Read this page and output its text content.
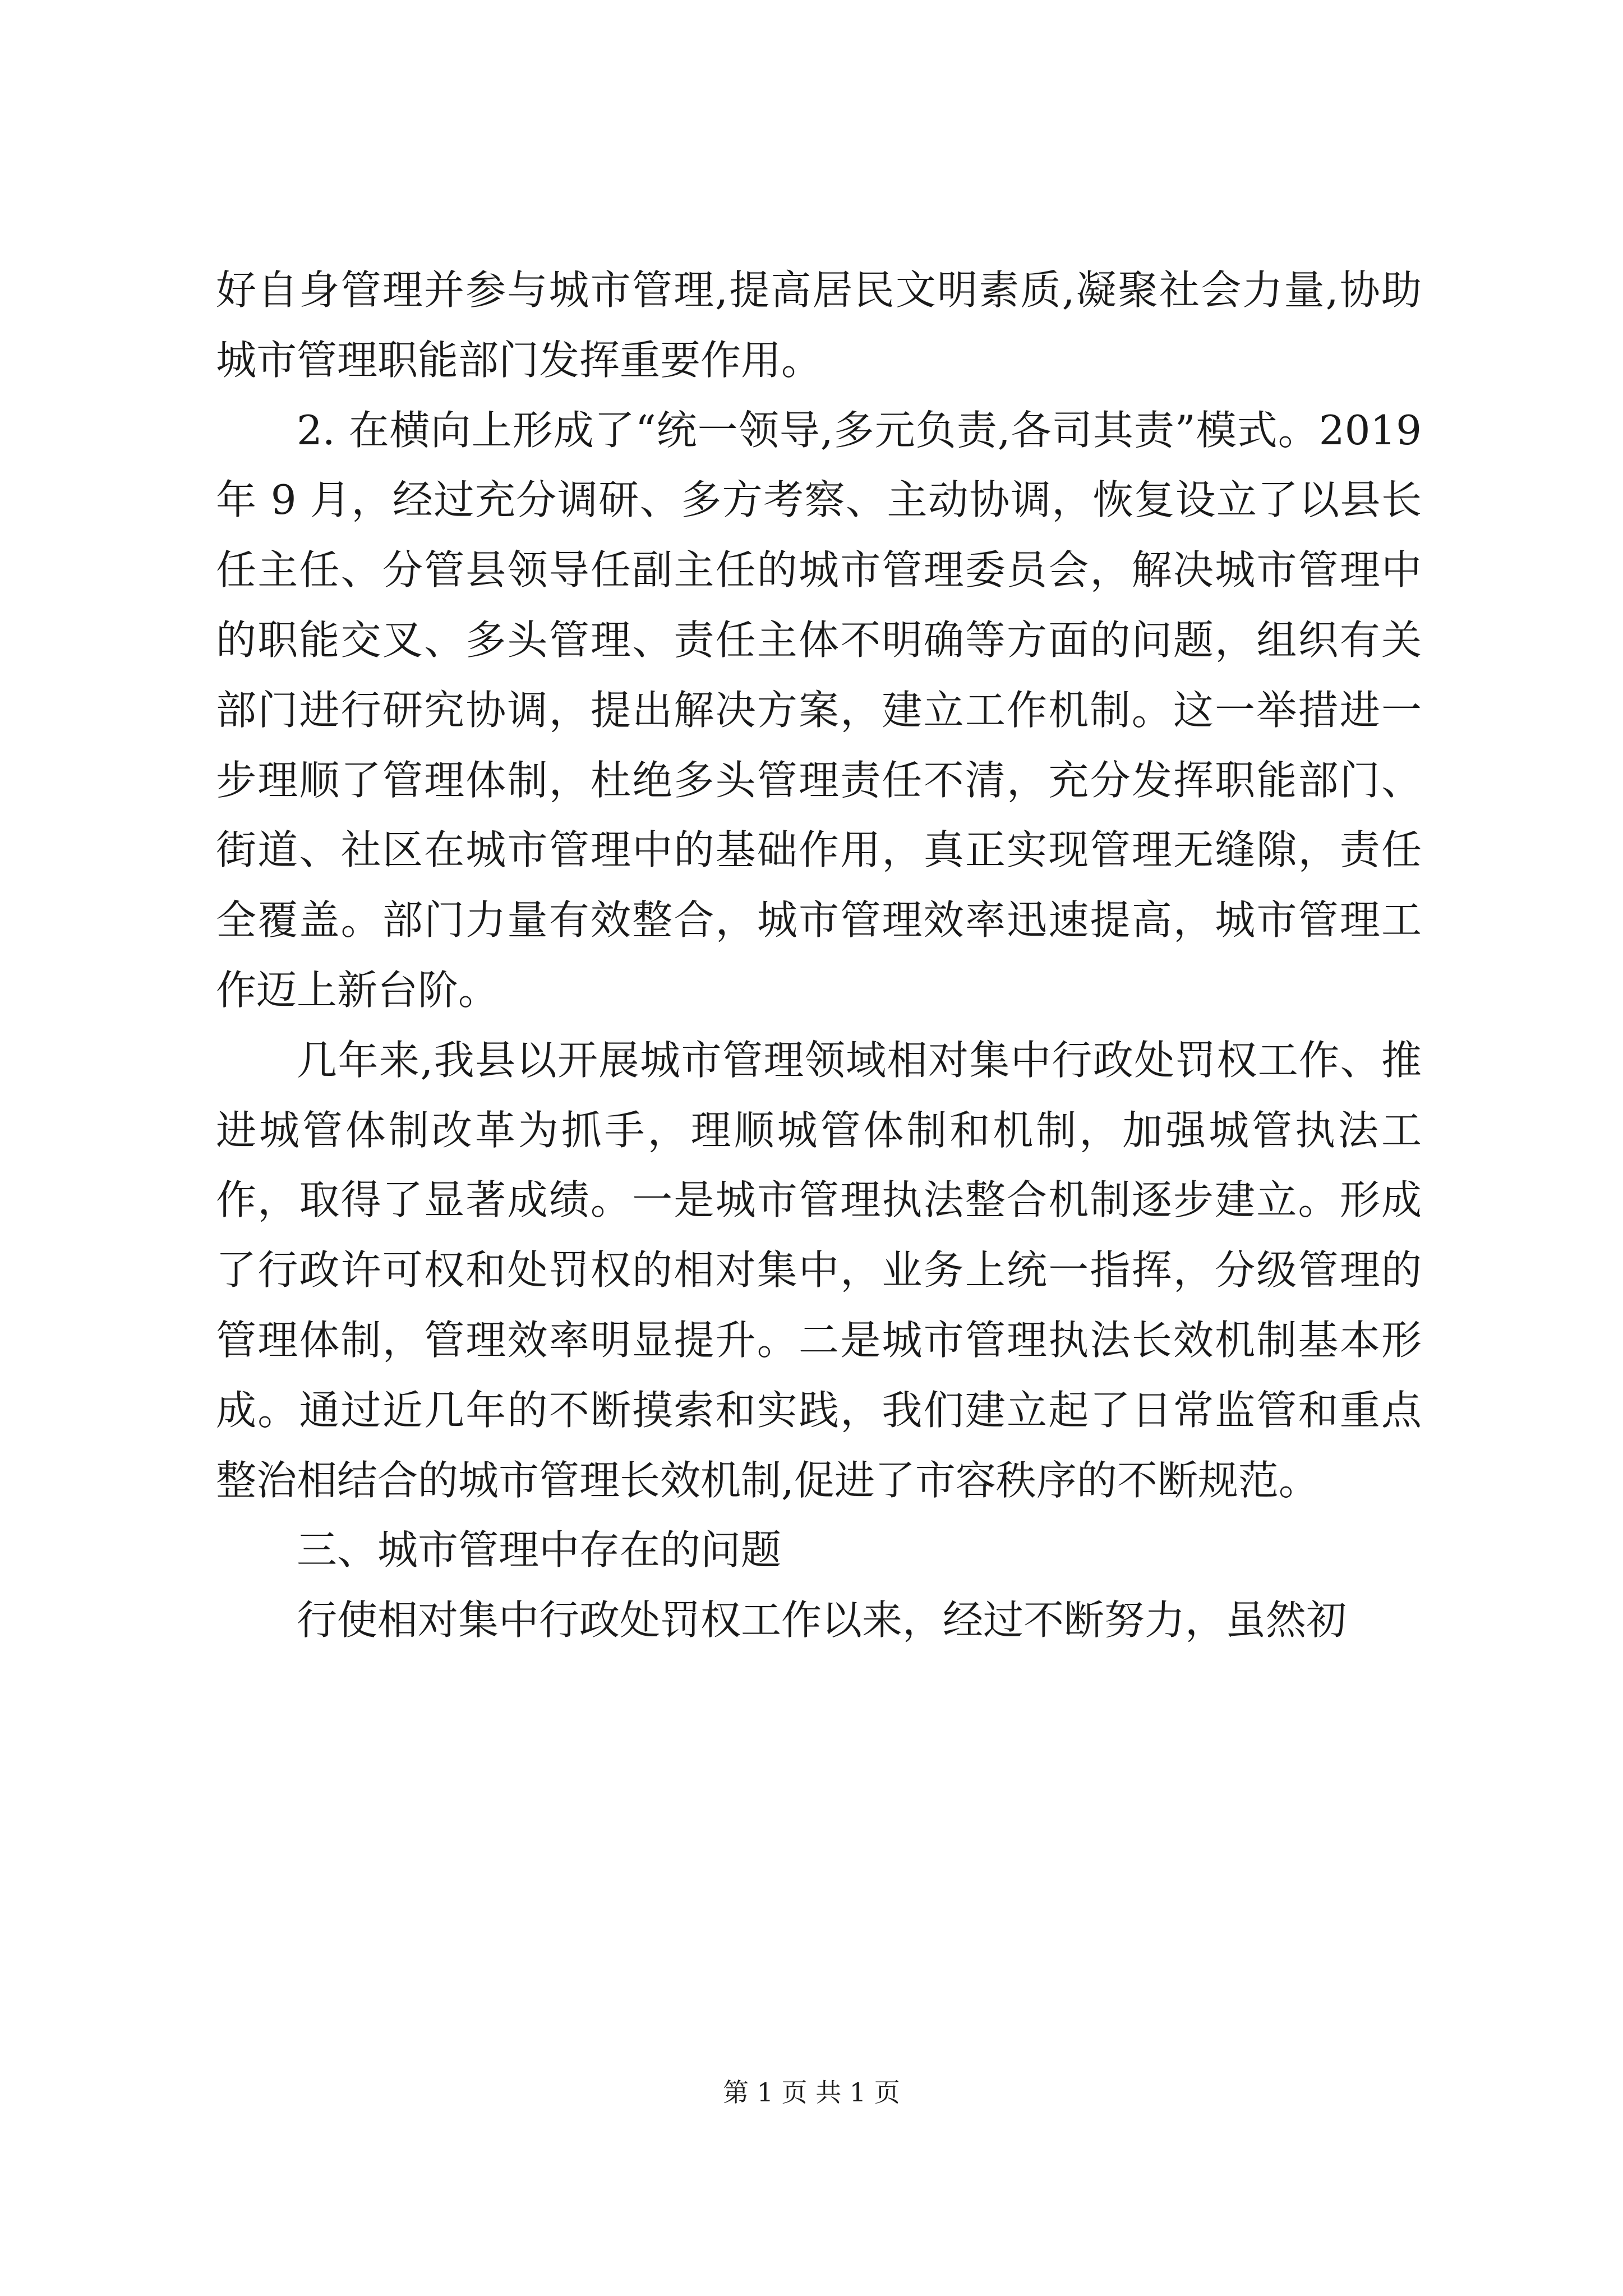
好自身管理并参与城市管理,提高居民文明素质,凝聚社会力量,协助城市管理职能部门发挥重要作用。

2. 在横向上形成了“统一领导,多元负责,各司其责”模式。2019年 9 月，经过充分调研、多方考察、主动协调，恢复设立了以县长任主任、分管县领导任副主任的城市管理委员会，解决城市管理中的职能交叉、多头管理、责任主体不明确等方面的问题，组织有关部门进行研究协调，提出解决方案，建立工作机制。这一举措进一步理顺了管理体制，杜绝多头管理责任不清，充分发挥职能部门、街道、社区在城市管理中的基础作用，真正实现管理无缝隙，责任全覆盖。部门力量有效整合，城市管理效率迅速提高，城市管理工作迈上新台阶。

几年来,我县以开展城市管理领域相对集中行政处罚权工作、推进城管体制改革为抓手，理顺城管体制和机制，加强城管执法工作，取得了显著成绩。一是城市管理执法整合机制逐步建立。形成了行政许可权和处罚权的相对集中，业务上统一指挥，分级管理的管理体制，管理效率明显提升。二是城市管理执法长效机制基本形成。通过近几年的不断摸索和实践，我们建立起了日常监管和重点整治相结合的城市管理长效机制,促进了市容秩序的不断规范。

三、城市管理中存在的问题

行使相对集中行政处罚权工作以来，经过不断努力，虽然初

第 1 页 共 1 页
